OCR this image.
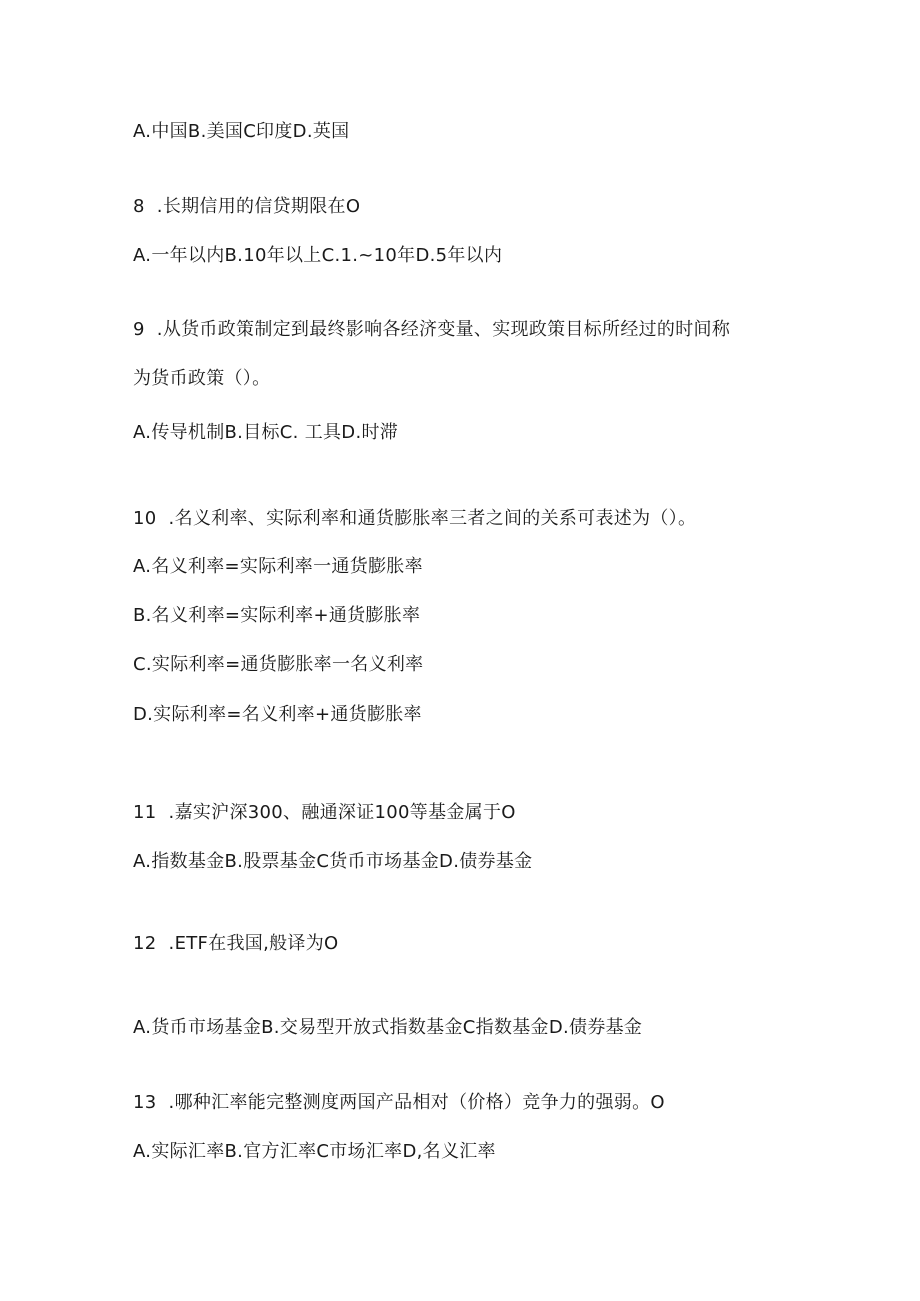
A.中国B.美国C印度D.英国
8  .长期信用的信贷期限在O
A.一年以内B.10年以上C.1.~10年D.5年以内
9  .从货币政策制定到最终影响各经济变量、实现政策目标所经过的时间称
为货币政策（）。
A.传导机制B.目标C. 工具D.时滞
10  .名义利率、实际利率和通货膨胀率三者之间的关系可表述为（）。
A.名义利率=实际利率一通货膨胀率
B.名义利率=实际利率+通货膨胀率
C.实际利率=通货膨胀率一名义利率
D.实际利率=名义利率+通货膨胀率
11  .嘉实沪深300、融通深证100等基金属于O
A.指数基金B.股票基金C货币市场基金D.债券基金
12  .ETF在我国,般译为O
A.货币市场基金B.交易型开放式指数基金C指数基金D.债券基金
13  .哪种汇率能完整测度两国产品相对（价格）竞争力的强弱。O
A.实际汇率B.官方汇率C市场汇率D,名义汇率
